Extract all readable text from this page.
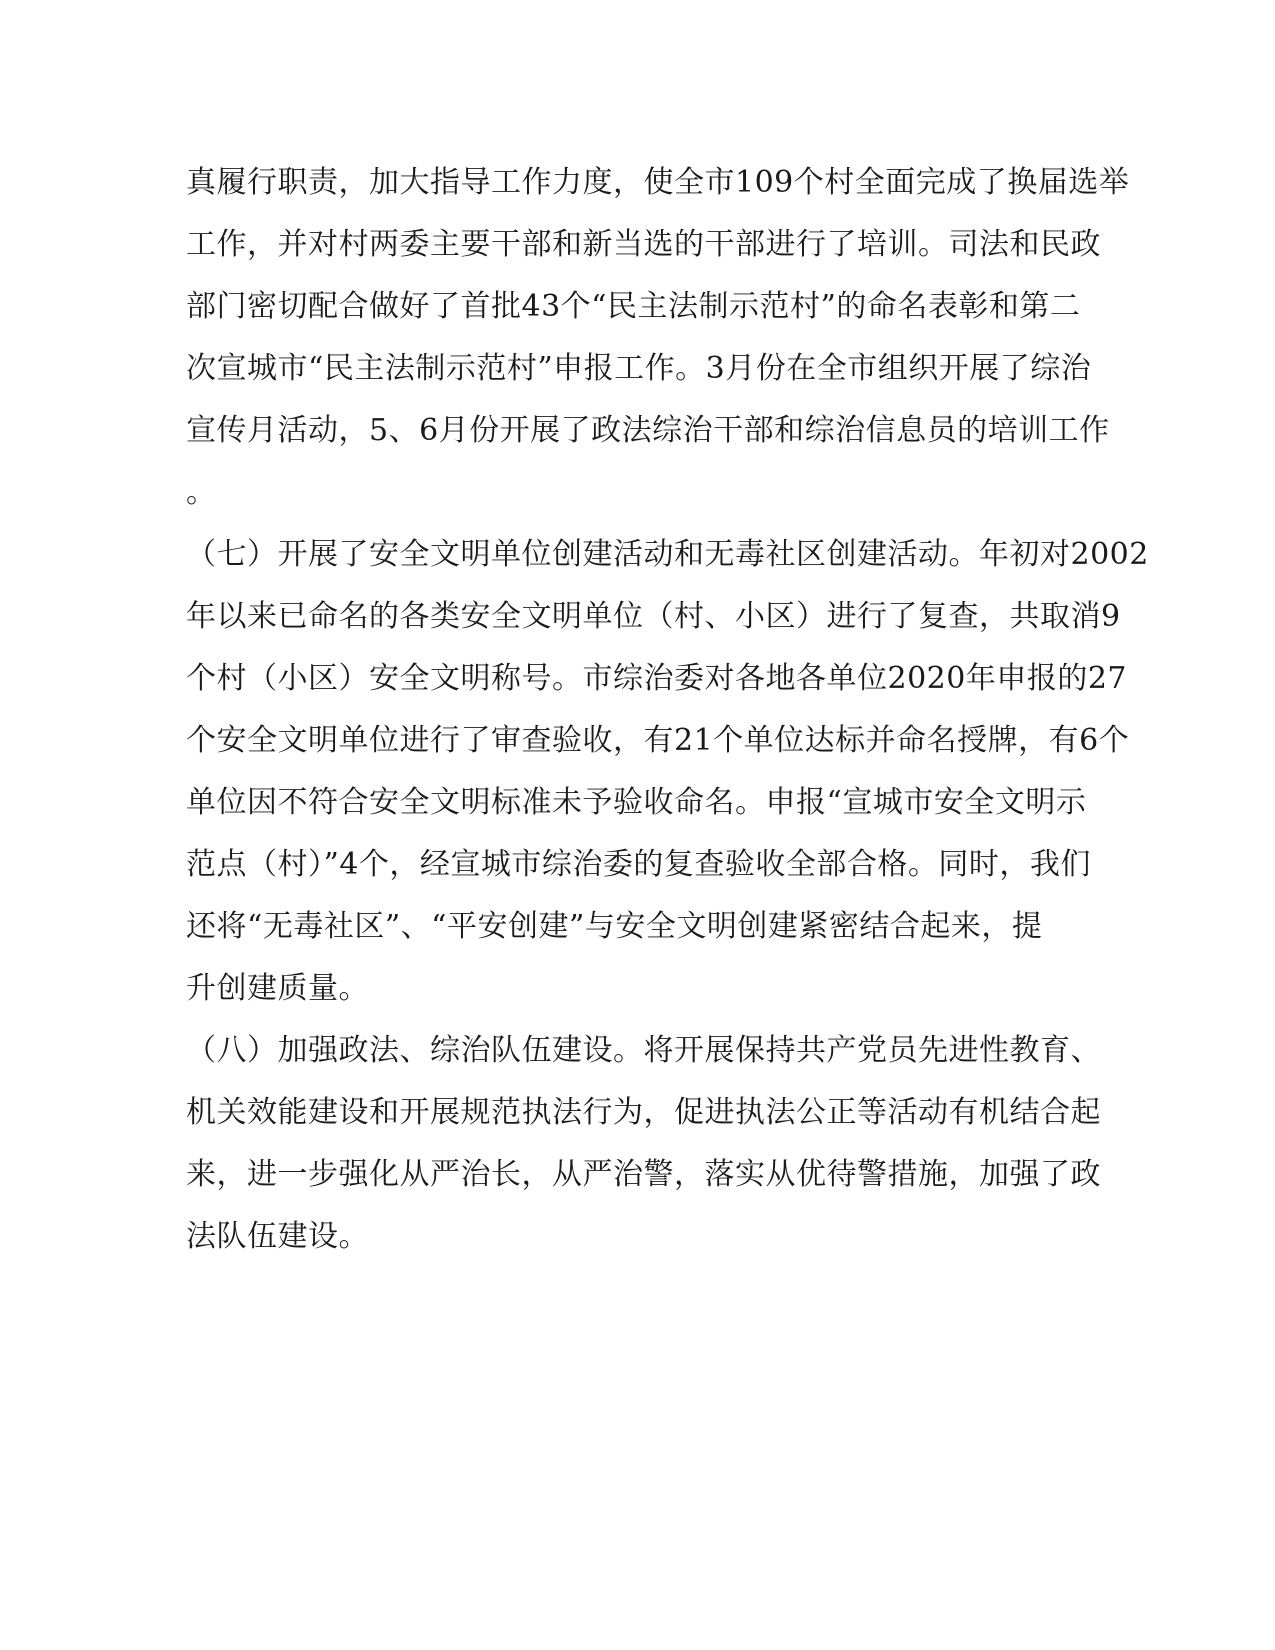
真履行职责，加大指导工作力度，使全市109个村全面完成了换届选举
工作，并对村两委主要干部和新当选的干部进行了培训。司法和民政
部门密切配合做好了首批43个“民主法制示范村”的命名表彰和第二
次宣城市“民主法制示范村”申报工作。3月份在全市组织开展了综治
宣传月活动，5、6月份开展了政法综治干部和综治信息员的培训工作
。
（七）开展了安全文明单位创建活动和无毒社区创建活动。年初对2002
年以来已命名的各类安全文明单位（村、小区）进行了复查，共取消9
个村（小区）安全文明称号。市综治委对各地各单位2020年申报的27
个安全文明单位进行了审查验收，有21个单位达标并命名授牌，有6个
单位因不符合安全文明标准未予验收命名。申报“宣城市安全文明示
范点（村）”4个，经宣城市综治委的复查验收全部合格。同时，我们
还将“无毒社区”、“平安创建”与安全文明创建紧密结合起来，提
升创建质量。
（八）加强政法、综治队伍建设。将开展保持共产党员先进性教育、
机关效能建设和开展规范执法行为，促进执法公正等活动有机结合起
来，进一步强化从严治长，从严治警，落实从优待警措施，加强了政
法队伍建设。
